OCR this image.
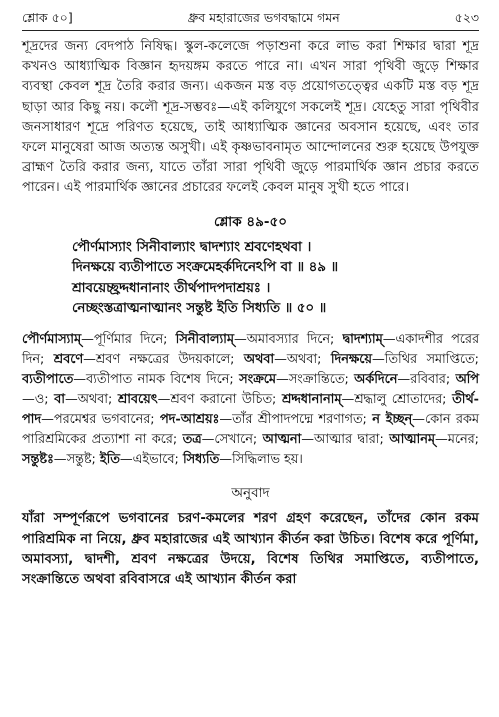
শ্লোক ৫০]	ধ্রুব মহারাজের ভগবদ্ধামে গমন	৫২৩

শূদ্রদের জন্য বেদপাঠ নিষিদ্ধ। স্কুল-কলেজে পড়াশুনা করে লাভ করা শিক্ষার দ্বারা শূদ্র কখনও আধ্যাত্মিক বিজ্ঞান হৃদয়ঙ্গম করতে পারে না। এখন সারা পৃথিবী জুড়ে শিক্ষার ব্যবস্থা কেবল শূদ্র তৈরি করার জন্য। একজন মস্ত বড় প্রয়োগতত্ত্বের একটি মস্ত বড় শূদ্র ছাড়া আর কিছু নয়। কলৌ শূদ্র-সম্ভবঃ—এই কলিযুগে সকলেই শূদ্র। যেহেতু সারা পৃথিবীর জনসাধারণ শূদ্রে পরিণত হয়েছে, তাই আধ্যাত্মিক জ্ঞানের অবসান হয়েছে, এবং তার ফলে মানুষেরা আজ অত্যন্ত অসুখী। এই কৃষ্ণভাবনামৃত আন্দোলনের শুরু হয়েছে উপযুক্ত ব্রাহ্মণ তৈরি করার জন্য, যাতে তাঁরা সারা পৃথিবী জুড়ে পারমার্থিক জ্ঞান প্রচার করতে পারেন। এই পারমার্থিক জ্ঞানের প্রচারের ফলেই কেবল মানুষ সুখী হতে পারে।

শ্লোক ৪৯-৫০
পৌর্ণমাস্যাং সিনীবাল্যাং দ্বাদশ্যাং শ্রবণেহথবা ।
দিনক্ষয়ে ব্যতীপাতে সংক্রমেহর্কদিনেঽপি বা ॥ ৪৯ ॥
শ্রাবয়েচ্ছ্রদ্দধানানাং তীর্থপাদপদাশ্রয়ঃ ।
নেচ্ছংস্তত্রাত্মনাত্মানং সন্তুষ্ট ইতি সিধ্যতি ॥ ৫০ ॥
পৌর্ণমাস্যাম্—পূর্ণিমার দিনে; সিনীবাল্যাম্—অমাবস্যার দিনে; দ্বাদশ্যাম্—একাদশীর পরের দিন; শ্রবণে—শ্রবণ নক্ষত্রের উদয়কালে; অথবা—অথবা; দিনক্ষয়ে—তিথির সমাপ্তিতে; ব্যতীপাতে—ব্যতীপাত নামক বিশেষ দিনে; সংক্রমে—সংক্রান্তিতে; অর্কদিনে—রবিবার; অপি—ও; বা—অথবা; শ্রাবয়েৎ—শ্রবণ করানো উচিত; শ্রদ্দধানানাম্—শ্রদ্ধালু শ্রোতাদের; তীর্থ-পাদ—পরমেশ্বর ভগবানের; পদ-আশ্রয়ঃ—তাঁর শ্রীপাদপদ্মে শরণাগত; ন ইচ্ছন্—কোন রকম পারিশ্রমিকের প্রত্যাশা না করে; তত্র—সেখানে; আত্মনা—আত্মার দ্বারা; আত্মানম্—মনের; সন্তুষ্টঃ—সন্তুষ্ট; ইতি—এইভাবে; সিধ্যতি—সিদ্ধিলাভ হয়।
অনুবাদ

যাঁরা সম্পূর্ণরূপে ভগবানের চরণ-কমলের শরণ গ্রহণ করেছেন, তাঁদের কোন রকম পারিশ্রমিক না নিয়ে, ধ্রুব মহারাজের এই আখ্যান কীর্তন করা উচিত। বিশেষ করে পূর্ণিমা, অমাবস্যা, দ্বাদশী, শ্রবণ নক্ষত্রের উদয়ে, বিশেষ তিথির সমাপ্তিতে, ব্যতীপাতে, সংক্রান্তিতে অথবা রবিবাসরে এই আখ্যান কীর্তন করা
